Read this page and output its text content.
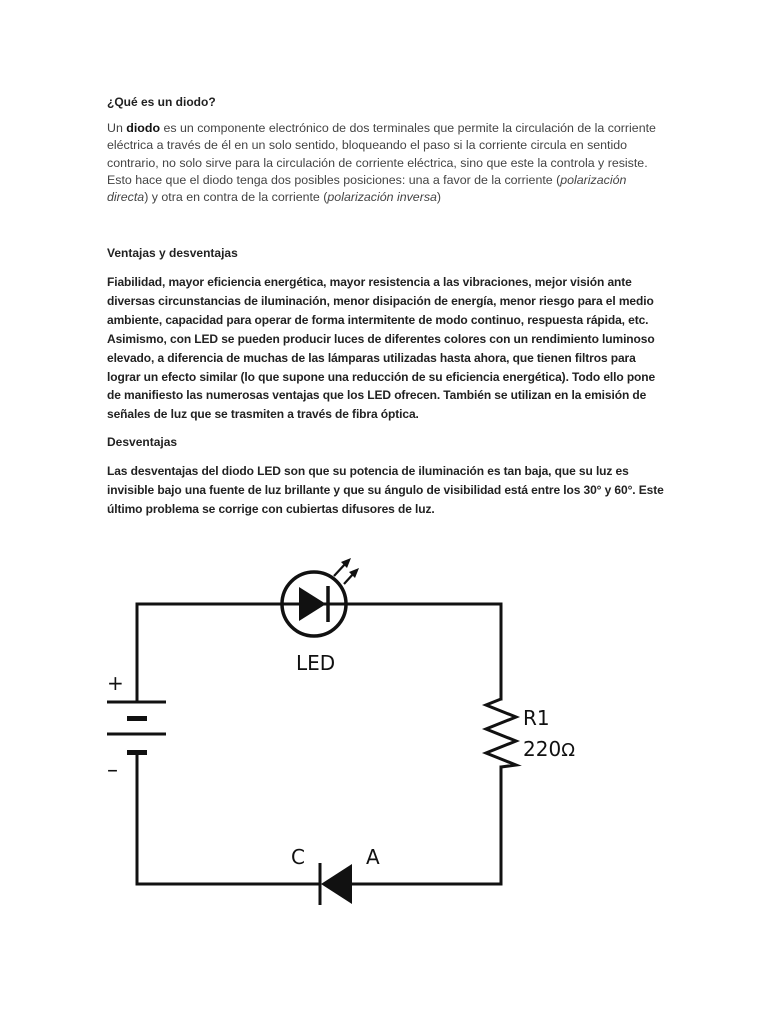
¿Qué es un diodo?

Un diodo es un componente electrónico de dos terminales que permite la circulación de la corriente eléctrica a través de él en un solo sentido, bloqueando el paso si la corriente circula en sentido contrario, no solo sirve para la circulación de corriente eléctrica, sino que este la controla y resiste. Esto hace que el diodo tenga dos posibles posiciones: una a favor de la corriente (polarización directa) y otra en contra de la corriente (polarización inversa)

Ventajas y desventajas

Fiabilidad, mayor eficiencia energética, mayor resistencia a las vibraciones, mejor visión ante diversas circunstancias de iluminación, menor disipación de energía, menor riesgo para el medio ambiente, capacidad para operar de forma intermitente de modo continuo, respuesta rápida, etc. Asimismo, con LED se pueden producir luces de diferentes colores con un rendimiento luminoso elevado, a diferencia de muchas de las lámparas utilizadas hasta ahora, que tienen filtros para lograr un efecto similar (lo que supone una reducción de su eficiencia energética). Todo ello pone de manifiesto las numerosas ventajas que los LED ofrecen. También se utilizan en la emisión de señales de luz que se trasmiten a través de fibra óptica.

Desventajas

Las desventajas del diodo LED son que su potencia de iluminación es tan baja, que su luz es invisible bajo una fuente de luz brillante y que su ángulo de visibilidad está entre los 30° y 60°. Este último problema se corrige con cubiertas difusores de luz.

LED
R1
220Ω
+
–
C	A
